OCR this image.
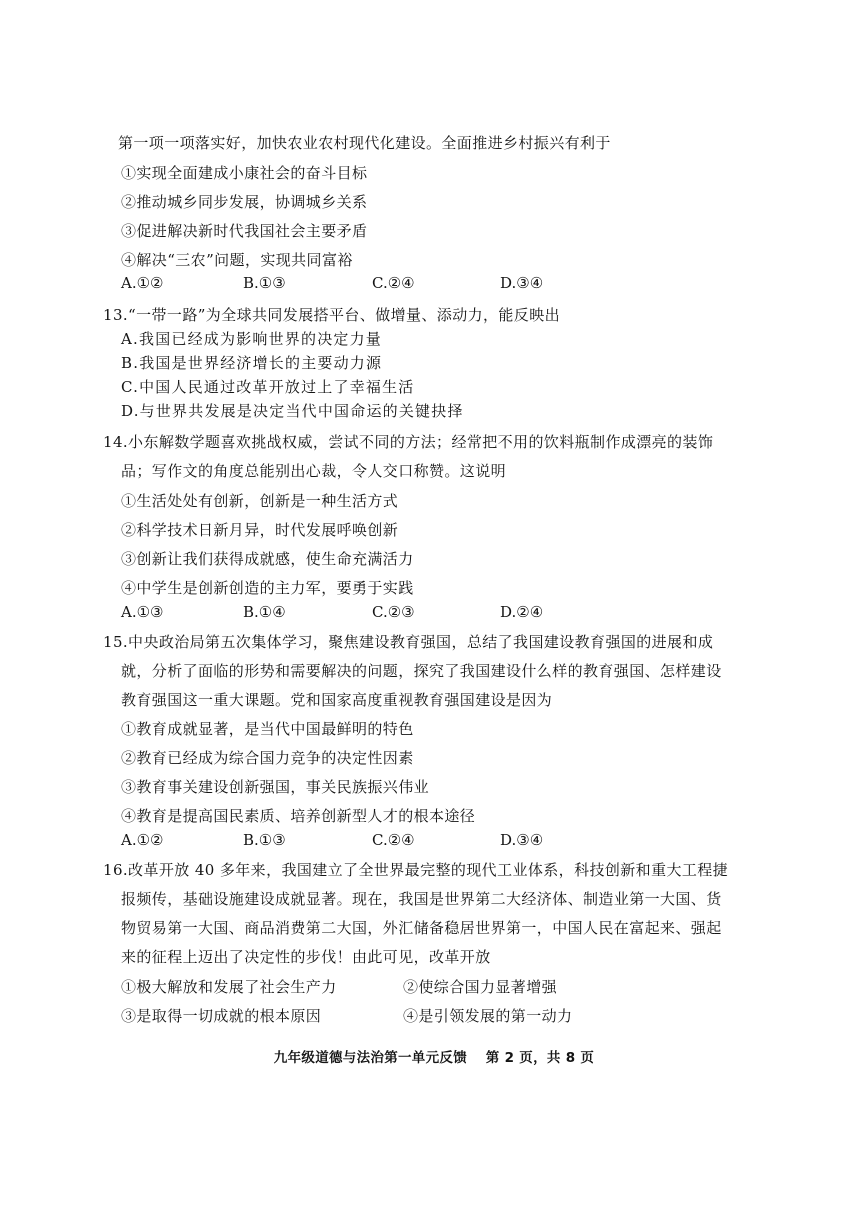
第一项一项落实好，加快农业农村现代化建设。全面推进乡村振兴有利于
①实现全面建成小康社会的奋斗目标
②推动城乡同步发展，协调城乡关系
③促进解决新时代我国社会主要矛盾
④解决“三农”问题，实现共同富裕
A.①②	B.①③	C.②④	D.③④
13.“一带一路”为全球共同发展搭平台、做增量、添动力，能反映出
A.我国已经成为影响世界的决定力量
B.我国是世界经济增长的主要动力源
C.中国人民通过改革开放过上了幸福生活
D.与世界共发展是决定当代中国命运的关键抉择
14.小东解数学题喜欢挑战权威，尝试不同的方法；经常把不用的饮料瓶制作成漂亮的装饰
品；写作文的角度总能别出心裁，令人交口称赞。这说明
①生活处处有创新，创新是一种生活方式
②科学技术日新月异，时代发展呼唤创新
③创新让我们获得成就感，使生命充满活力
④中学生是创新创造的主力军，要勇于实践
A.①③	B.①④	C.②③	D.②④
15.中央政治局第五次集体学习，聚焦建设教育强国，总结了我国建设教育强国的进展和成
就，分析了面临的形势和需要解决的问题，探究了我国建设什么样的教育强国、怎样建设
教育强国这一重大课题。党和国家高度重视教育强国建设是因为
①教育成就显著，是当代中国最鲜明的特色
②教育已经成为综合国力竞争的决定性因素
③教育事关建设创新强国，事关民族振兴伟业
④教育是提高国民素质、培养创新型人才的根本途径
A.①②	B.①③	C.②④	D.③④
16.改革开放 40 多年来，我国建立了全世界最完整的现代工业体系，科技创新和重大工程捷
报频传，基础设施建设成就显著。现在，我国是世界第二大经济体、制造业第一大国、货
物贸易第一大国、商品消费第二大国，外汇储备稳居世界第一，中国人民在富起来、强起
来的征程上迈出了决定性的步伐！由此可见，改革开放
①极大解放和发展了社会生产力	②使综合国力显著增强
③是取得一切成就的根本原因	④是引领发展的第一动力
九年级道德与法治第一单元反馈　 第 2 页，共 8 页
